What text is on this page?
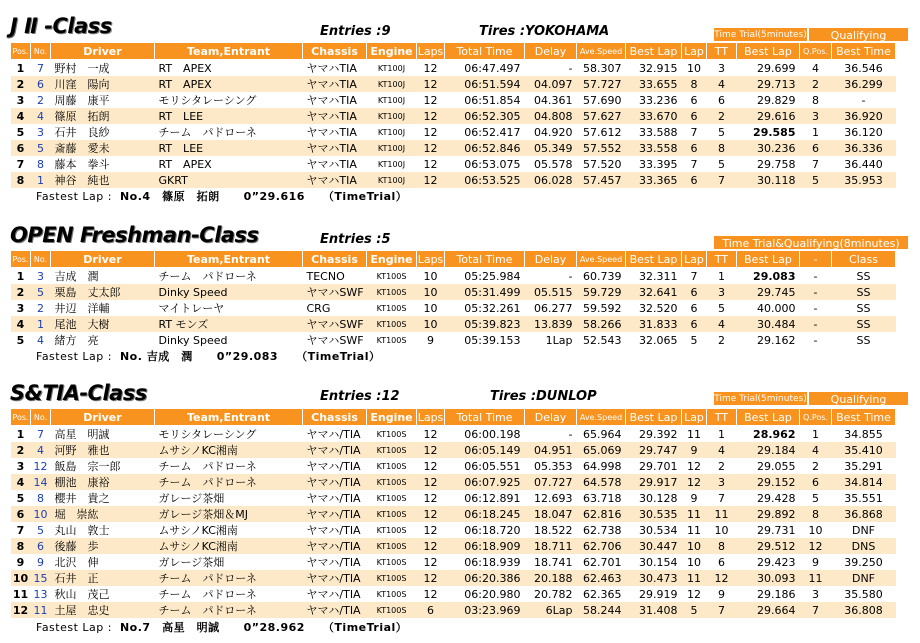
J Ⅱ -Class	Entries :9	Tires :YOKOHAMA	Time Trial(5minutes)	Qualifying
Pos.	No.	Driver	Team,Entrant	Chassis	Engine	Laps	Total Time	Delay	Ave.Speed	Best Lap	Lap	TT	Best Lap	Q.Pos.	Best Time
1	7	野村　一成	RT　APEX	ヤマハTIA	KT100J	12	06:47.497	-	58.307	32.915	10	3	29.699	4	36.546
2	6	川窪　陽向	RT　APEX	ヤマハTIA	KT100J	12	06:51.594	04.097	57.727	33.655	8	4	29.713	2	36.299
3	2	周藤　康平	モリシタレーシング	ヤマハTIA	KT100J	12	06:51.854	04.361	57.690	33.236	6	6	29.829	8	-
4	4	篠原　拓朗	RT　LEE	ヤマハTIA	KT100J	12	06:52.305	04.808	57.627	33.670	6	2	29.616	3	36.920
5	3	石井　良紗	チーム　パドローネ	ヤマハTIA	KT100J	12	06:52.417	04.920	57.612	33.588	7	5	29.585	1	36.120
6	5	斎藤　愛未	RT　LEE	ヤマハTIA	KT100J	12	06:52.846	05.349	57.552	33.558	6	8	30.236	6	36.336
7	8	藤本　拳斗	RT　APEX	ヤマハTIA	KT100J	12	06:53.075	05.578	57.520	33.395	7	5	29.758	7	36.440
8	1	神谷　純也	GKRT	ヤマハTIA	KT100J	12	06:53.525	06.028	57.457	33.365	6	7	30.118	5	35.953
Fastest Lap : No.4　篠原　拓朗 0”29.616 （TimeTrial）
OPEN Freshman-Class	Entries :5	Time Trial&Qualifying(8minutes)
Pos.	No.	Driver	Team,Entrant	Chassis	Engine	Laps	Total Time	Delay	Ave.Speed	Best Lap	Lap	TT	Best Lap	-	Class
1	3	吉成　潤	チーム　パドローネ	TECNO	KT100S	10	05:25.984	-	60.739	32.311	7	1	29.083	-	SS
2	5	栗島　丈太郎	Dinky Speed	ヤマハSWF	KT100S	10	05:31.499	05.515	59.729	32.641	6	3	29.745	-	SS
3	2	井辺　洋輔	マイトレーヤ	CRG	KT100S	10	05:32.261	06.277	59.592	32.520	6	5	40.000	-	SS
4	1	尾池　大樹	RT モンズ	ヤマハSWF	KT100S	10	05:39.823	13.839	58.266	31.833	6	4	30.484	-	SS
5	4	緒方　亮	Dinky Speed	ヤマハSWF	KT100S	9	05:39.153	1Lap	52.543	32.065	5	2	29.162	-	SS
Fastest Lap : No. 吉成　潤 0”29.083 （TimeTrial）
S&TIA-Class	Entries :12	Tires :DUNLOP	Time Trial(5minutes)	Qualifying
Pos.	No.	Driver	Team,Entrant	Chassis	Engine	Laps	Total Time	Delay	Ave.Speed	Best Lap	Lap	TT	Best Lap	Q.Pos.	Best Time
1	7	高星　明誠	モリシタレーシング	ヤマハ/TIA	KT100S	12	06:00.198	-	65.964	29.392	11	1	28.962	1	34.855
2	4	河野　雅也	ムサシノKC湘南	ヤマハ/TIA	KT100S	12	06:05.149	04.951	65.069	29.747	9	4	29.184	4	35.410
3	12	飯島　宗一郎	チーム　パドローネ	ヤマハ/TIA	KT100S	12	06:05.551	05.353	64.998	29.701	12	2	29.055	2	35.291
4	14	棚池　康裕	チーム　パドローネ	ヤマハ/TIA	KT100S	12	06:07.925	07.727	64.578	29.917	12	3	29.152	6	34.814
5	8	櫻井　貴之	ガレージ茶畑	ヤマハ/TIA	KT100S	12	06:12.891	12.693	63.718	30.128	9	7	29.428	5	35.551
6	10	堀　崇紘	ガレージ茶畑＆MJ	ヤマハ/TIA	KT100S	12	06:18.245	18.047	62.816	30.535	11	11	29.892	8	36.868
7	5	丸山　敦士	ムサシノKC湘南	ヤマハ/TIA	KT100S	12	06:18.720	18.522	62.738	30.534	11	10	29.731	10	DNF
8	6	後藤　歩	ムサシノKC湘南	ヤマハ/TIA	KT100S	12	06:18.909	18.711	62.706	30.447	10	8	29.512	12	DNS
9	9	北沢　伸	ガレージ茶畑	ヤマハ/TIA	KT100S	12	06:18.939	18.741	62.701	30.154	10	6	29.423	9	39.250
10	15	石井　正	チーム　パドローネ	ヤマハ/TIA	KT100S	12	06:20.386	20.188	62.463	30.473	11	12	30.093	11	DNF
11	13	秋山　茂己	チーム　パドローネ	ヤマハ/TIA	KT100S	12	06:20.980	20.782	62.365	29.919	12	9	29.186	3	35.580
12	11	土屋　忠史	チーム　パドローネ	ヤマハ/TIA	KT100S	6	03:23.969	6Lap	58.244	31.408	5	7	29.664	7	36.808
Fastest Lap : No.7　高星　明誠 0”28.962 （TimeTrial）
